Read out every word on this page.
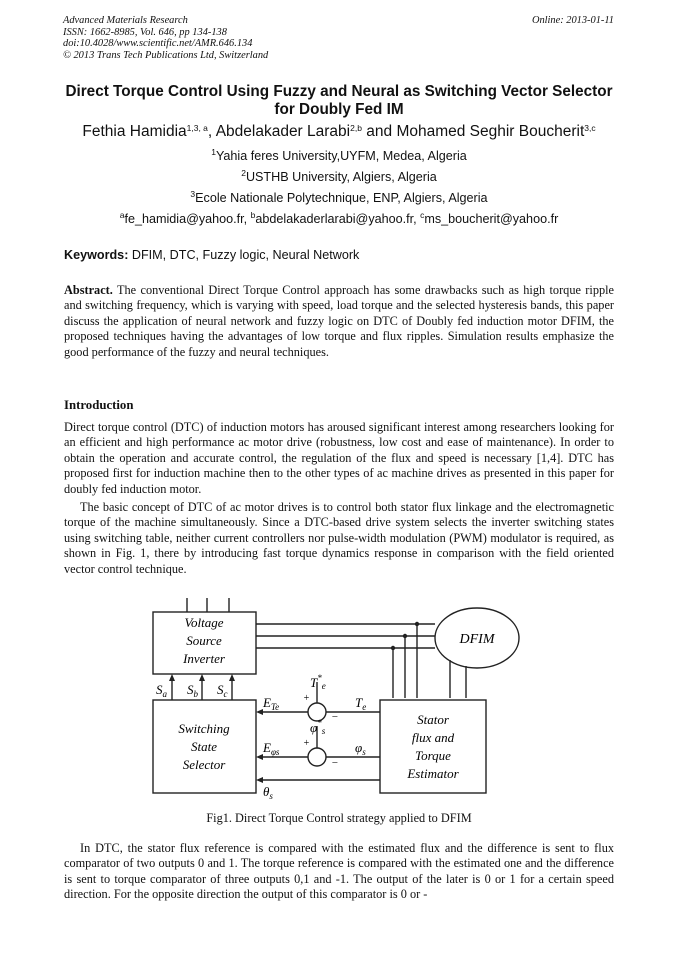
Advanced Materials Research
ISSN: 1662-8985, Vol. 646, pp 134-138
doi:10.4028/www.scientific.net/AMR.646.134
© 2013 Trans Tech Publications Ltd, Switzerland
Online: 2013-01-11
Direct Torque Control Using Fuzzy and Neural as Switching Vector Selector for Doubly Fed IM
Fethia Hamidia$^{1,3, a}$, Abdelakader Larabi$^{2,b}$ and Mohamed Seghir Boucherit$^{3,c}$
$^1$Yahia feres University,UYFM, Medea, Algeria
$^2$USTHB University, Algiers, Algeria
$^3$Ecole Nationale Polytechnique, ENP, Algiers, Algeria
$^a$fe_hamidia@yahoo.fr, $^b$abdelakaderlarabi@yahoo.fr, $^c$ms_boucherit@yahoo.fr
Keywords: DFIM, DTC, Fuzzy logic, Neural Network
Abstract. The conventional Direct Torque Control approach has some drawbacks such as high torque ripple and switching frequency, which is varying with speed, load torque and the selected hysteresis bands, this paper discuss the application of neural network and fuzzy logic on DTC of Doubly fed induction motor DFIM, the proposed techniques having the advantages of low torque and flux ripples. Simulation results emphasize the good performance of the fuzzy and neural techniques.
Introduction
Direct torque control (DTC) of induction motors has aroused significant interest among researchers looking for an efficient and high performance ac motor drive (robustness, low cost and ease of maintenance). In order to obtain the operation and accurate control, the regulation of the flux and speed is necessary [1,4]. DTC has proposed first for induction machine then to the other types of ac machine drives as presented in this paper for doubly fed induction motor.
The basic concept of DTC of ac motor drives is to control both stator flux linkage and the electromagnetic torque of the machine simultaneously. Since a DTC-based drive system selects the inverter switching states using switching table, neither current controllers nor pulse-width modulation (PWM) modulator is required, as shown in Fig. 1, there by introducing fast torque dynamics response in comparison with the field oriented vector control technique.
Voltage
Source
Inverter
DFIM
Switching
State
Selector
Stator
flux and
Torque
Estimator
$S_a$ $S_b$ $S_c$
$T^*_e$
+
−
$T_e$
$E_{Te}$
$\varphi^*_s$
+
−
$\varphi_s$
$E_{\varphi s}$
$\theta_s$
Fig1. Direct Torque Control strategy applied to DFIM
In DTC, the stator flux reference is compared with the estimated flux and the difference is sent to flux comparator of two outputs 0 and 1. The torque reference is compared with the estimated one and the difference is sent to torque comparator of three outputs 0,1 and -1. The output of the later is 0 or 1 for a certain speed direction. For the opposite direction the output of this comparator is 0 or -
